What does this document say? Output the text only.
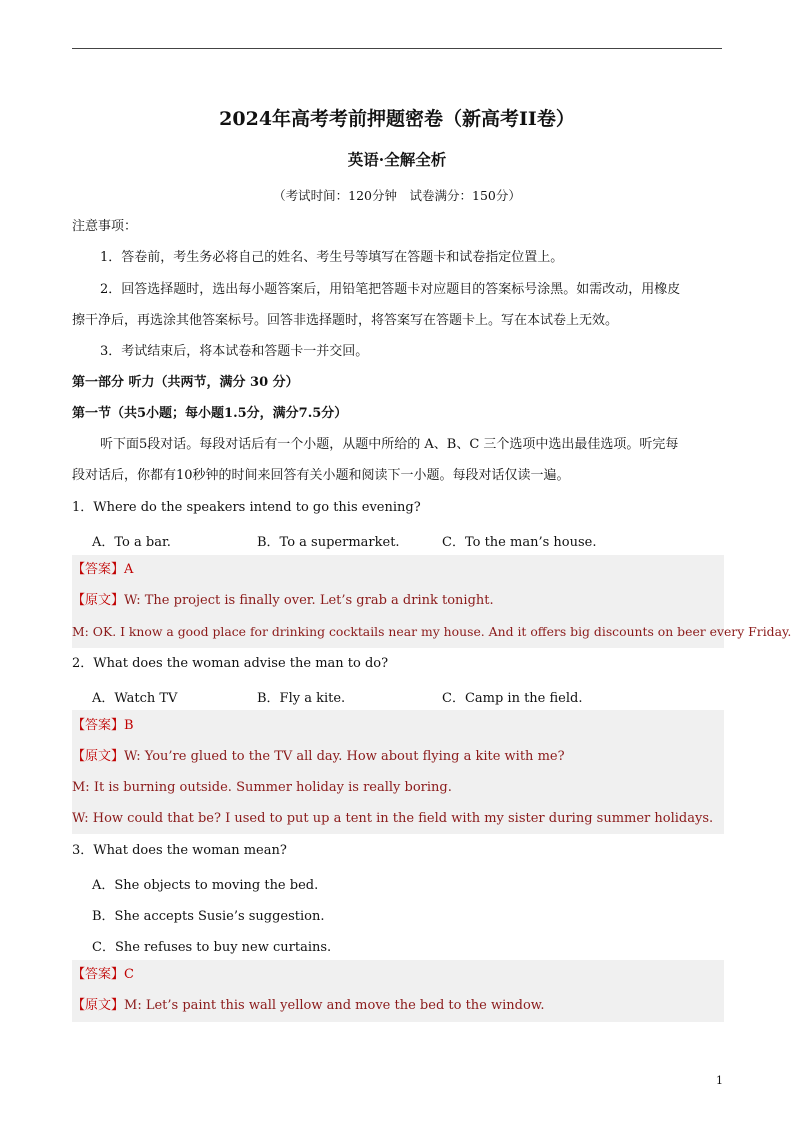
2024年高考考前押题密卷（新高考II卷）
英语·全解全析
（考试时间：120分钟　试卷满分：150分）
注意事项：
1．答卷前，考生务必将自己的姓名、考生号等填写在答题卡和试卷指定位置上。
2．回答选择题时，选出每小题答案后，用铅笔把答题卡对应题目的答案标号涂黑。如需改动，用橡皮
擦干净后，再选涂其他答案标号。回答非选择题时，将答案写在答题卡上。写在本试卷上无效。
3．考试结束后，将本试卷和答题卡一并交回。
第一部分 听力（共两节，满分 30 分）
第一节（共5小题；每小题1.5分，满分7.5分）
听下面5段对话。每段对话后有一个小题，从题中所给的 A、B、C 三个选项中选出最佳选项。听完每
段对话后，你都有10秒钟的时间来回答有关小题和阅读下一小题。每段对话仅读一遍。
1．Where do the speakers intend to go this evening?
A．To a bar.	B．To a supermarket.	C．To the man’s house.
【答案】A
【原文】W: The project is finally over. Let’s grab a drink tonight.
M: OK. I know a good place for drinking cocktails near my house. And it offers big discounts on beer every Friday.
2．What does the woman advise the man to do?
A．Watch TV	B．Fly a kite.	C．Camp in the field.
【答案】B
【原文】W: You’re glued to the TV all day. How about flying a kite with me?
M: It is burning outside. Summer holiday is really boring.
W: How could that be? I used to put up a tent in the field with my sister during summer holidays.
3．What does the woman mean?
A．She objects to moving the bed.
B．She accepts Susie’s suggestion.
C．She refuses to buy new curtains.
【答案】C
【原文】M: Let’s paint this wall yellow and move the bed to the window.
1
